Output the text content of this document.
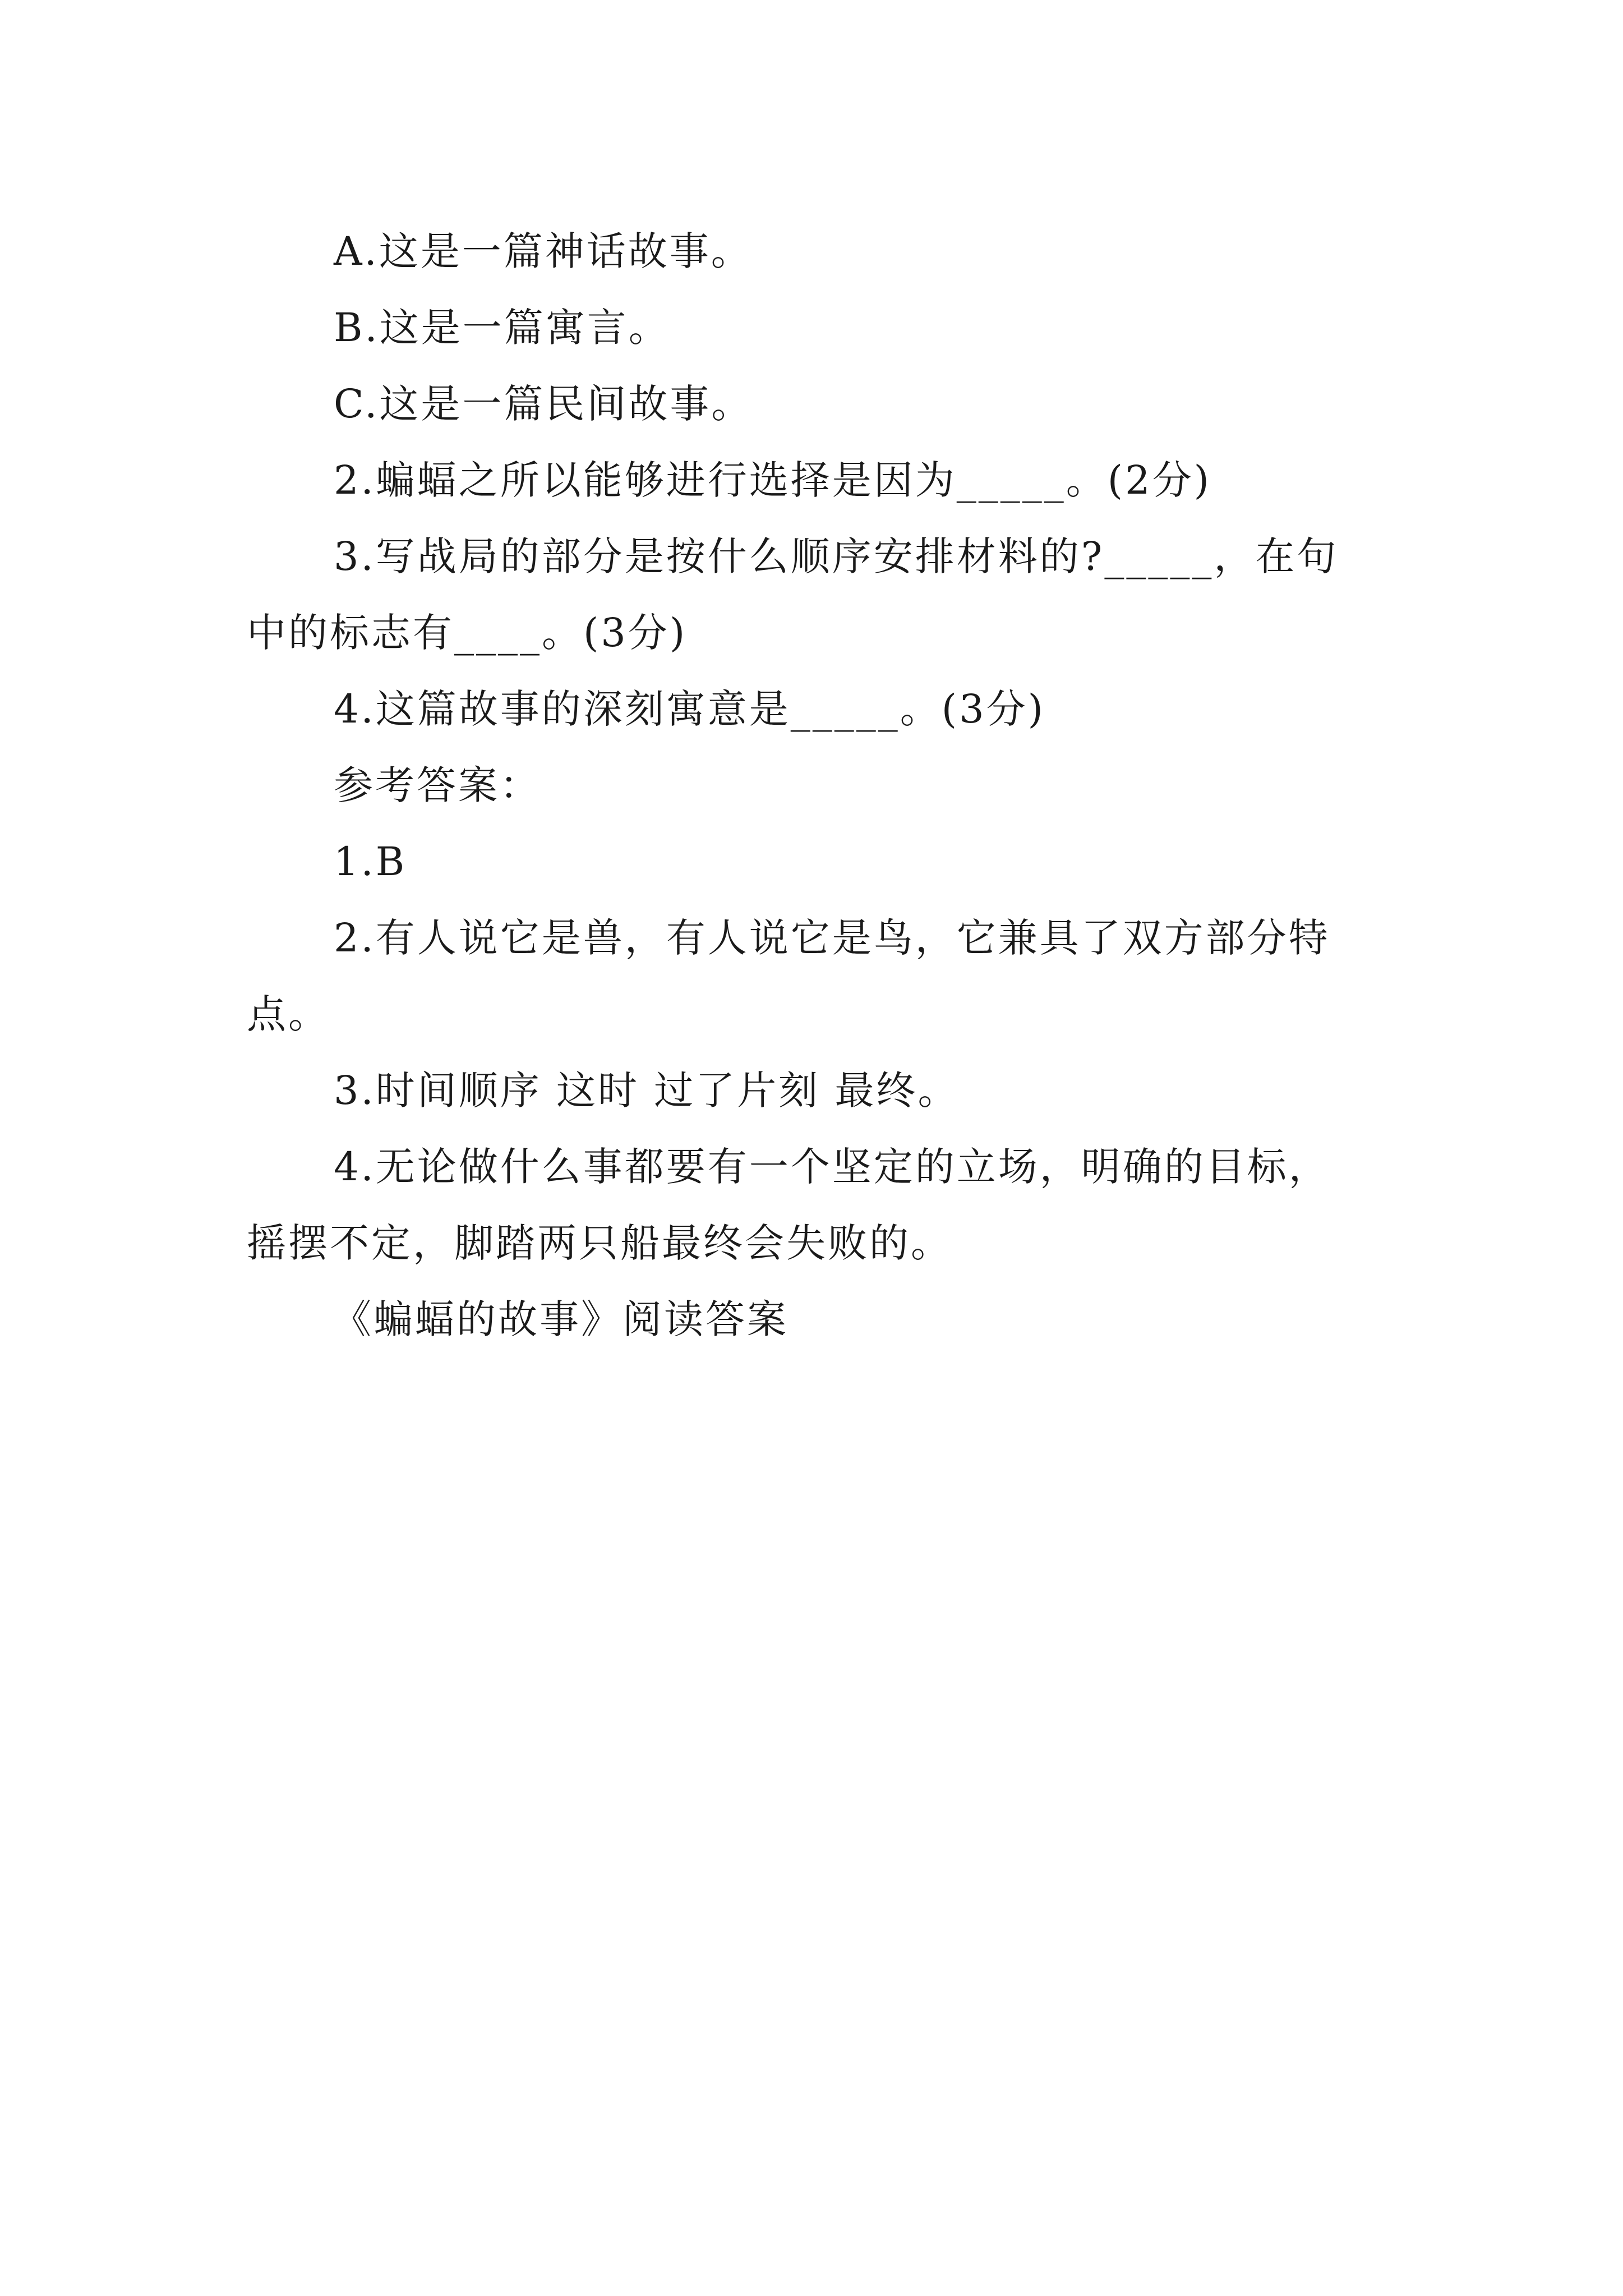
A.这是一篇神话故事。

B.这是一篇寓言。

C.这是一篇民间故事。

2.蝙蝠之所以能够进行选择是因为_____。(2分)

3.写战局的部分是按什么顺序安排材料的?_____，在句

中的标志有____。(3分)

4.这篇故事的深刻寓意是_____。(3分)

参考答案：

1.B

2.有人说它是兽，有人说它是鸟，它兼具了双方部分特

点。

3.时间顺序 这时 过了片刻 最终。

4.无论做什么事都要有一个坚定的立场，明确的目标，

摇摆不定，脚踏两只船最终会失败的。

《蝙蝠的故事》阅读答案
